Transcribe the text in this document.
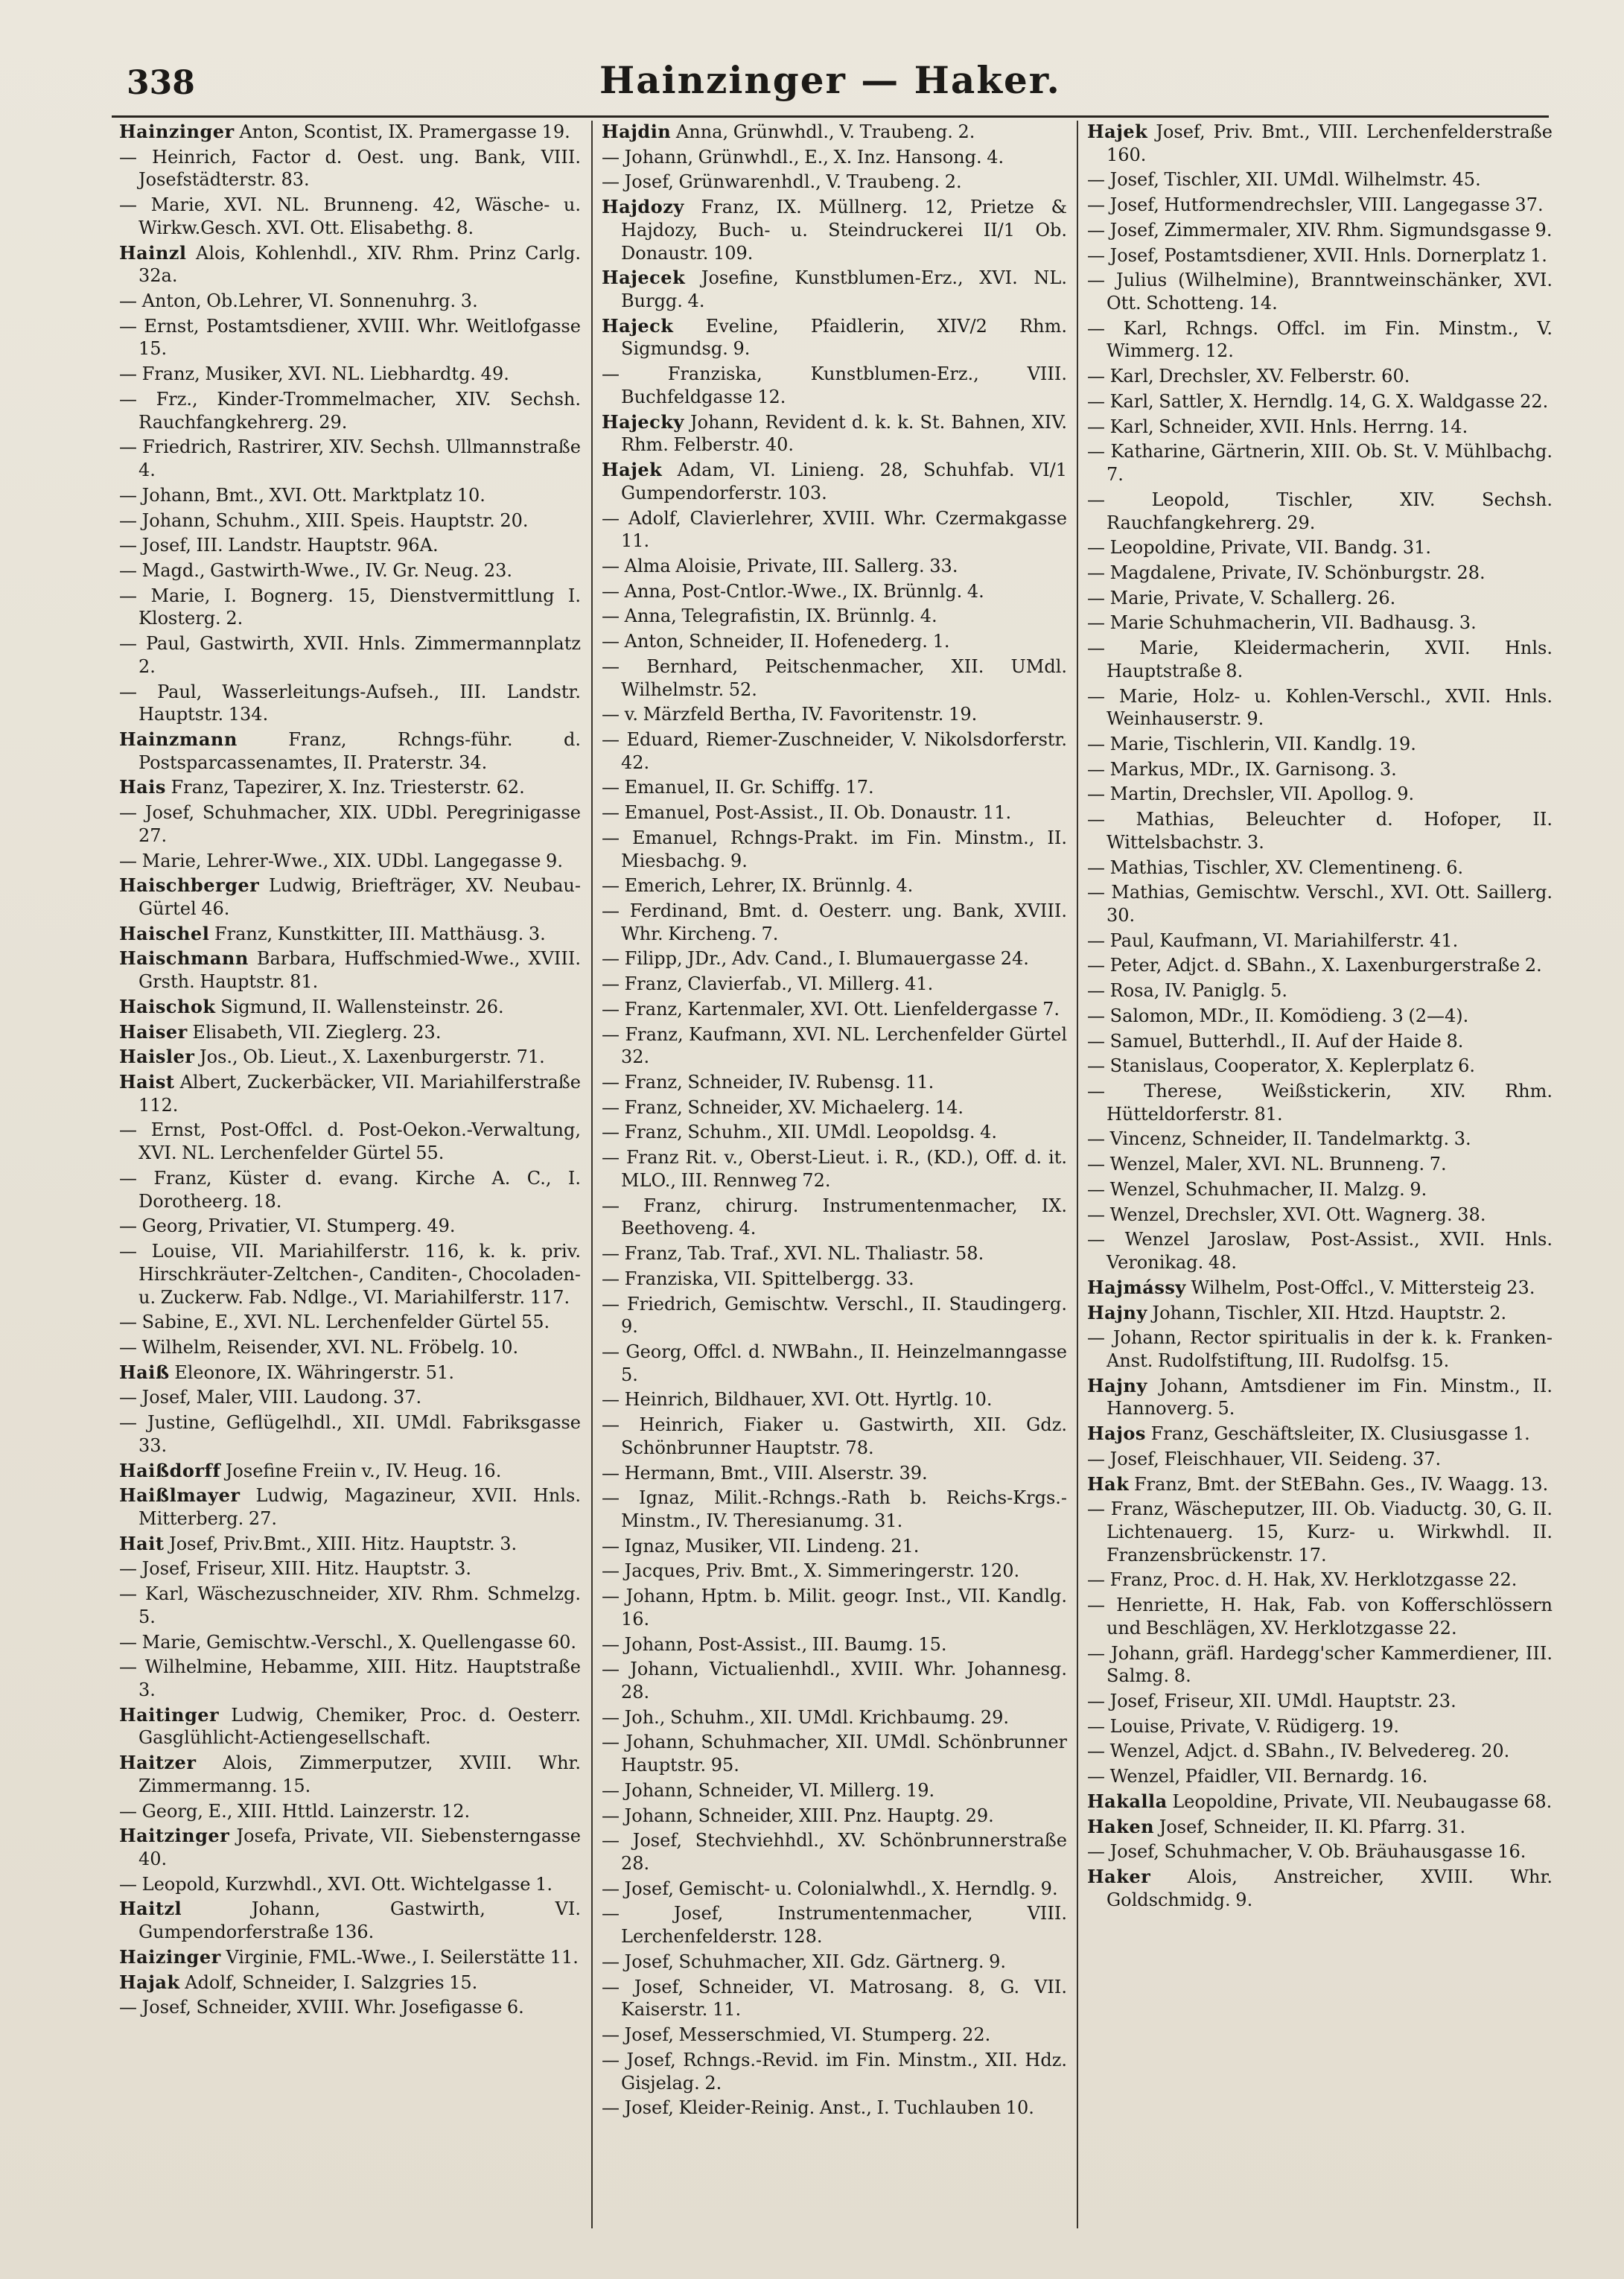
338	Hainzinger — Haker.

Hainzinger Anton, Scontist, IX. Pramergasse 19.

— Heinrich, Factor d. Oest. ung. Bank, VIII. Josefstädterstr. 83.

— Marie, XVI. NL. Brunneng. 42, Wäsche- u. Wirkw.Gesch. XVI. Ott. Elisabethg. 8.

Hainzl Alois, Kohlenhdl., XIV. Rhm. Prinz Carlg. 32a.

— Anton, Ob.Lehrer, VI. Sonnenuhrg. 3.

— Ernst, Postamtsdiener, XVIII. Whr. Weitlofgasse 15.

— Franz, Musiker, XVI. NL. Liebhardtg. 49.

— Frz., Kinder-Trommelmacher, XIV. Sechsh. Rauchfangkehrerg. 29.

— Friedrich, Rastrirer, XIV. Sechsh. Ullmannstraße 4.

— Johann, Bmt., XVI. Ott. Marktplatz 10.

— Johann, Schuhm., XIII. Speis. Hauptstr. 20.

— Josef, III. Landstr. Hauptstr. 96A.

— Magd., Gastwirth-Wwe., IV. Gr. Neug. 23.

— Marie, I. Bognerg. 15, Dienstvermittlung I. Klosterg. 2.

— Paul, Gastwirth, XVII. Hnls. Zimmermannplatz 2.

— Paul, Wasserleitungs-Aufseh., III. Landstr. Hauptstr. 134.

Hainzmann	Franz, Rchngs-führ. d. Postsparcassenamtes, II. Praterstr. 34.

Hais Franz, Tapezirer, X. Inz. Triesterstr. 62.

— Josef, Schuhmacher, XIX. UDbl. Peregrinigasse 27.

— Marie, Lehrer-Wwe., XIX. UDbl. Langegasse 9.

Haischberger Ludwig, Briefträger, XV. Neubau-Gürtel 46.

Haischel Franz, Kunstkitter, III. Matthäusg. 3.

Haischmann Barbara, Huffschmied-Wwe., XVIII. Grsth. Hauptstr. 81.

Haischok Sigmund, II. Wallensteinstr. 26.

Haiser Elisabeth, VII. Zieglerg. 23.

Haisler Jos., Ob. Lieut., X. Laxenburgerstr. 71.

Haist Albert, Zuckerbäcker, VII. Mariahilferstraße 112.

— Ernst, Post-Offcl. d. Post-Oekon.-Verwaltung, XVI. NL. Lerchenfelder Gürtel 55.

— Franz, Küster d. evang. Kirche A. C., I. Dorotheerg. 18.

— Georg, Privatier, VI. Stumperg. 49.

— Louise, VII. Mariahilferstr. 116, k. k. priv. Hirschkräuter-Zeltchen-, Canditen-, Chocoladen- u. Zuckerw. Fab. Ndlge., VI. Mariahilferstr. 117.

— Sabine, E., XVI. NL. Lerchenfelder Gürtel 55.

— Wilhelm, Reisender, XVI. NL. Fröbelg. 10.

Haiß Eleonore, IX. Währingerstr. 51.

— Josef, Maler, VIII. Laudong. 37.

— Justine, Geflügelhdl., XII. UMdl. Fabriksgasse 33.

Haißdorff Josefine Freiin v., IV. Heug. 16.

Haißlmayer Ludwig, Magazineur, XVII. Hnls. Mitterberg. 27.

Hait Josef, Priv.Bmt., XIII. Hitz. Hauptstr. 3.

— Josef, Friseur, XIII. Hitz. Hauptstr. 3.

— Karl, Wäschezuschneider, XIV. Rhm. Schmelzg. 5.

— Marie, Gemischtw.-Verschl., X. Quellengasse 60.

— Wilhelmine, Hebamme, XIII. Hitz. Hauptstraße 3.

Haitinger Ludwig, Chemiker, Proc. d. Oesterr. Gasglühlicht-Actiengesellschaft.

Haitzer Alois, Zimmerputzer, XVIII. Whr. Zimmermanng. 15.

— Georg, E., XIII. Httld. Lainzerstr. 12.

Haitzinger Josefa, Private, VII. Siebensterngasse 40.

— Leopold, Kurzwhdl., XVI. Ott. Wichtelgasse 1.

Haitzl	Johann, Gastwirth, VI. Gumpendorferstraße 136.

Haizinger Virginie, FML.-Wwe., I. Seilerstätte 11.

Hajak Adolf, Schneider, I. Salzgries 15.

— Josef, Schneider, XVIII. Whr. Josefigasse 6.

Hajdin Anna, Grünwhdl., V. Traubeng. 2.

— Johann, Grünwhdl., E., X. Inz. Hansong. 4.

— Josef, Grünwarenhdl., V. Traubeng. 2.

Hajdozy Franz, IX. Müllnerg. 12, Prietze & Hajdozy, Buch- u. Steindruckerei II/1 Ob. Donaustr. 109.

Hajecek Josefine, Kunstblumen-Erz., XVI. NL. Burgg. 4.

Hajeck Eveline, Pfaidlerin, XIV/2 Rhm. Sigmundsg. 9.

— Franziska, Kunstblumen-Erz., VIII. Buchfeldgasse 12.

Hajecky Johann, Revident d. k. k. St. Bahnen, XIV. Rhm. Felberstr. 40.

Hajek Adam, VI. Linieng. 28, Schuhfab. VI/1 Gumpendorferstr. 103.

— Adolf, Clavierlehrer, XVIII. Whr. Czermakgasse 11.

— Alma Aloisie, Private, III. Sallerg. 33.

— Anna, Post-Cntlor.-Wwe., IX. Brünnlg. 4.

— Anna, Telegrafistin, IX. Brünnlg. 4.

— Anton, Schneider, II. Hofenederg. 1.

— Bernhard, Peitschenmacher, XII. UMdl. Wilhelmstr. 52.

— v. Märzfeld Bertha, IV. Favoritenstr. 19.

— Eduard, Riemer-Zuschneider, V. Nikolsdorferstr. 42.

— Emanuel, II. Gr. Schiffg. 17.

— Emanuel, Post-Assist., II. Ob. Donaustr. 11.

— Emanuel, Rchngs-Prakt. im Fin. Minstm., II. Miesbachg. 9.

— Emerich, Lehrer, IX. Brünnlg. 4.

— Ferdinand, Bmt. d. Oesterr. ung. Bank, XVIII. Whr. Kircheng. 7.

— Filipp, JDr., Adv. Cand., I. Blumauergasse 24.

— Franz, Clavierfab., VI. Millerg. 41.

— Franz, Kartenmaler, XVI. Ott. Lienfeldergasse 7.

— Franz, Kaufmann, XVI. NL. Lerchenfelder Gürtel 32.

— Franz, Schneider, IV. Rubensg. 11.

— Franz, Schneider, XV. Michaelerg. 14.

— Franz, Schuhm., XII. UMdl. Leopoldsg. 4.

— Franz Rit. v., Oberst-Lieut. i. R., (KD.), Off. d. it. MLO., III. Rennweg 72.

— Franz, chirurg. Instrumentenmacher, IX. Beethoveng. 4.

— Franz, Tab. Traf., XVI. NL. Thaliastr. 58.

— Franziska, VII. Spittelbergg. 33.

— Friedrich, Gemischtw. Verschl., II. Staudingerg. 9.

— Georg, Offcl. d. NWBahn., II. Heinzelmanngasse 5.

— Heinrich, Bildhauer, XVI. Ott. Hyrtlg. 10.

— Heinrich, Fiaker u. Gastwirth, XII. Gdz. Schönbrunner Hauptstr. 78.

— Hermann, Bmt., VIII. Alserstr. 39.

— Ignaz, Milit.-Rchngs.-Rath b. Reichs-Krgs.-Minstm., IV. Theresianumg. 31.

— Ignaz, Musiker, VII. Lindeng. 21.

— Jacques, Priv. Bmt., X. Simmeringerstr. 120.

— Johann, Hptm. b. Milit. geogr. Inst., VII. Kandlg. 16.

— Johann, Post-Assist., III. Baumg. 15.

— Johann, Victualienhdl., XVIII. Whr. Johannesg. 28.

— Joh., Schuhm., XII. UMdl. Krichbaumg. 29.

— Johann, Schuhmacher, XII. UMdl. Schönbrunner Hauptstr. 95.

— Johann, Schneider, VI. Millerg. 19.

— Johann, Schneider, XIII. Pnz. Hauptg. 29.

— Josef, Stechviehhdl., XV. Schönbrunnerstraße 28.

— Josef, Gemischt- u. Colonialwhdl., X. Herndlg. 9.

— Josef, Instrumentenmacher, VIII. Lerchenfelderstr. 128.

— Josef, Schuhmacher, XII. Gdz. Gärtnerg. 9.

— Josef, Schneider, VI. Matrosang. 8, G. VII. Kaiserstr. 11.

— Josef, Messerschmied, VI. Stumperg. 22.

— Josef, Rchngs.-Revid. im Fin. Minstm., XII. Hdz. Gisjelag. 2.

— Josef, Kleider-Reinig. Anst., I. Tuchlauben 10.

Hajek Josef, Priv. Bmt., VIII. Lerchenfelderstraße 160.

— Josef, Tischler, XII. UMdl. Wilhelmstr. 45.

— Josef, Hutformendrechsler, VIII. Langegasse 37.

— Josef, Zimmermaler, XIV. Rhm. Sigmundsgasse 9.

— Josef, Postamtsdiener, XVII. Hnls. Dornerplatz 1.

— Julius (Wilhelmine), Branntweinschänker, XVI. Ott. Schotteng. 14.

— Karl, Rchngs. Offcl. im Fin. Minstm., V. Wimmerg. 12.

— Karl, Drechsler, XV. Felberstr. 60.

— Karl, Sattler, X. Herndlg. 14, G. X. Waldgasse 22.

— Karl, Schneider, XVII. Hnls. Herrng. 14.

— Katharine, Gärtnerin, XIII. Ob. St. V. Mühlbachg. 7.

— Leopold, Tischler, XIV. Sechsh. Rauchfangkehrerg. 29.

— Leopoldine, Private, VII. Bandg. 31.

— Magdalene, Private, IV. Schönburgstr. 28.

— Marie, Private, V. Schallerg. 26.

— Marie Schuhmacherin, VII. Badhausg. 3.

— Marie, Kleidermacherin, XVII. Hnls. Hauptstraße 8.

— Marie, Holz- u. Kohlen-Verschl., XVII. Hnls. Weinhauserstr. 9.

— Marie, Tischlerin, VII. Kandlg. 19.

— Markus, MDr., IX. Garnisong. 3.

— Martin, Drechsler, VII. Apollog. 9.

— Mathias, Beleuchter d. Hofoper, II. Wittelsbachstr. 3.

— Mathias, Tischler, XV. Clementineng. 6.

— Mathias, Gemischtw. Verschl., XVI. Ott. Saillerg. 30.

— Paul, Kaufmann, VI. Mariahilferstr. 41.

— Peter, Adjct. d. SBahn., X. Laxenburgerstraße 2.

— Rosa, IV. Paniglg. 5.

— Salomon, MDr., II. Komödieng. 3 (2—4).

— Samuel, Butterhdl., II. Auf der Haide 8.

— Stanislaus, Cooperator, X. Keplerplatz 6.

— Therese, Weißstickerin, XIV. Rhm. Hütteldorferstr. 81.

— Vincenz, Schneider, II. Tandelmarktg. 3.

— Wenzel, Maler, XVI. NL. Brunneng. 7.

— Wenzel, Schuhmacher, II. Malzg. 9.

— Wenzel, Drechsler, XVI. Ott. Wagnerg. 38.

— Wenzel Jaroslaw, Post-Assist., XVII. Hnls. Veronikag. 48.

Hajmássy Wilhelm, Post-Offcl., V. Mittersteig 23.

Hajny Johann, Tischler, XII. Htzd. Hauptstr. 2.

— Johann, Rector spiritualis in der k. k. Franken-Anst. Rudolfstiftung, III. Rudolfsg. 15.

Hajny Johann, Amtsdiener im Fin. Minstm., II. Hannoverg. 5.

Hajos Franz, Geschäftsleiter, IX. Clusiusgasse 1.

— Josef, Fleischhauer, VII. Seideng. 37.

Hak Franz, Bmt. der StEBahn. Ges., IV. Waagg. 13.

— Franz, Wäscheputzer, III. Ob. Viaductg. 30, G. II. Lichtenauerg. 15, Kurz- u. Wirkwhdl. II. Franzensbrückenstr. 17.

— Franz, Proc. d. H. Hak, XV. Herklotzgasse 22.

— Henriette, H. Hak, Fab. von Kofferschlössern und Beschlägen, XV. Herklotzgasse 22.

— Johann, gräfl. Hardegg'scher Kammerdiener, III. Salmg. 8.

— Josef, Friseur, XII. UMdl. Hauptstr. 23.

— Louise, Private, V. Rüdigerg. 19.

— Wenzel, Adjct. d. SBahn., IV. Belvedereg. 20.

— Wenzel, Pfaidler, VII. Bernardg. 16.

Hakalla Leopoldine, Private, VII. Neubaugasse 68.

Haken Josef, Schneider, II. Kl. Pfarrg. 31.

— Josef, Schuhmacher, V. Ob. Bräuhausgasse 16.

Haker Alois, Anstreicher, XVIII. Whr. Goldschmidg. 9.
